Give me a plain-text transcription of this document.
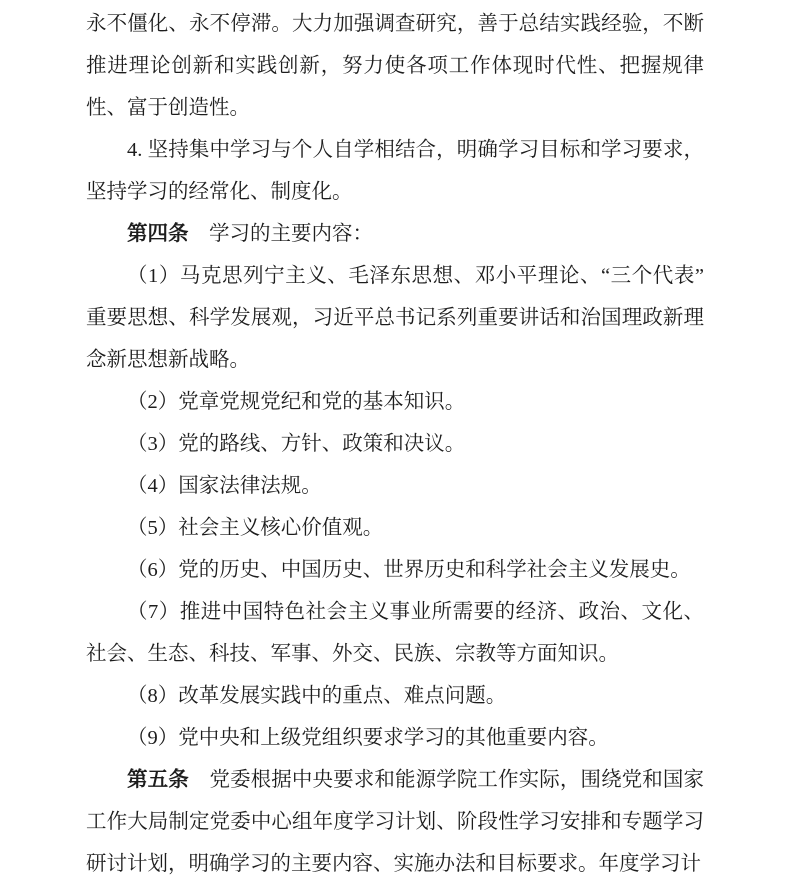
永不僵化、永不停滞。大力加强调查研究，善于总结实践经验，不断推进理论创新和实践创新，努力使各项工作体现时代性、把握规律性、富于创造性。

4. 坚持集中学习与个人自学相结合，明确学习目标和学习要求，坚持学习的经常化、制度化。

第四条　学习的主要内容：

（1）马克思列宁主义、毛泽东思想、邓小平理论、“三个代表”重要思想、科学发展观，习近平总书记系列重要讲话和治国理政新理念新思想新战略。

（2）党章党规党纪和党的基本知识。

（3）党的路线、方针、政策和决议。

（4）国家法律法规。

（5）社会主义核心价值观。

（6）党的历史、中国历史、世界历史和科学社会主义发展史。

（7）推进中国特色社会主义事业所需要的经济、政治、文化、社会、生态、科技、军事、外交、民族、宗教等方面知识。

（8）改革发展实践中的重点、难点问题。

（9）党中央和上级党组织要求学习的其他重要内容。

第五条　党委根据中央要求和能源学院工作实际，围绕党和国家工作大局制定党委中心组年度学习计划、阶段性学习安排和专题学习研讨计划，明确学习的主要内容、实施办法和目标要求。年度学习计
